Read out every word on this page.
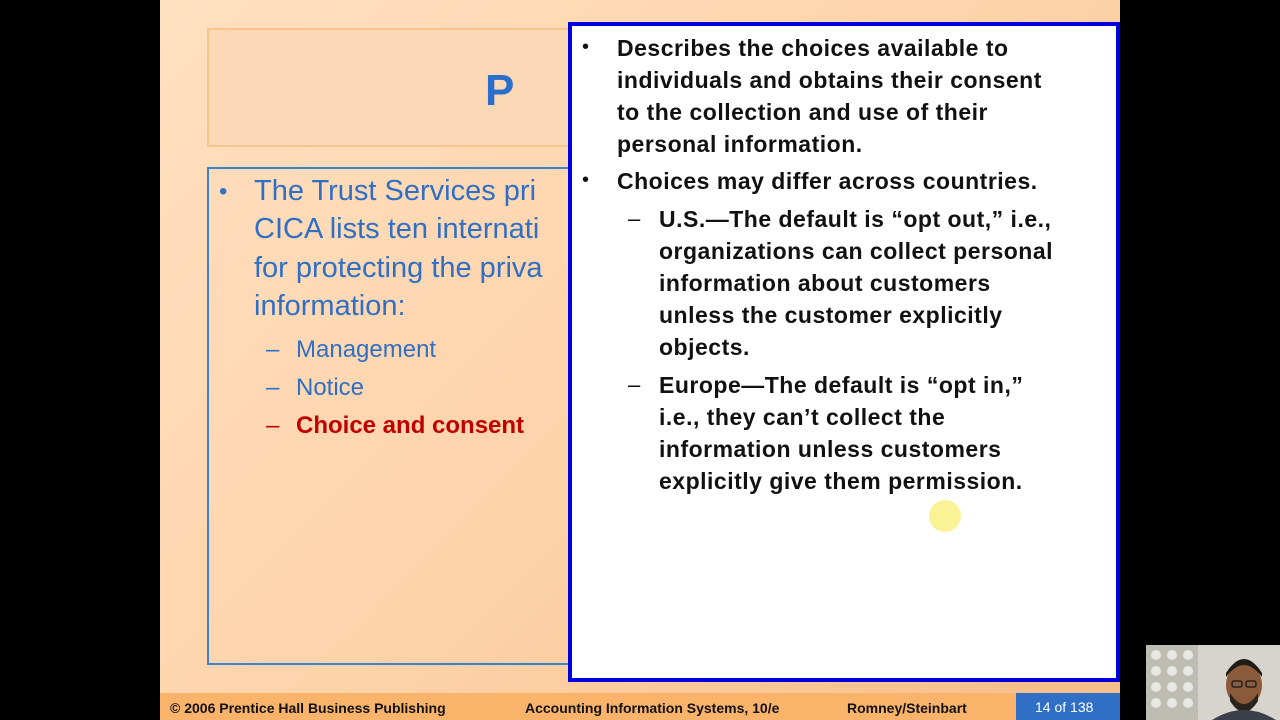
P
• The Trust Services pri
CICA lists ten internati
for protecting the priva
information:
– Management
– Notice
– Choice and consent
© 2006 Prentice Hall Business Publishing	Accounting Information Systems, 10/e	Romney/Steinbart	14 of 138
• Describes the choices available to
individuals and obtains their consent
to the collection and use of their
personal information.
• Choices may differ across countries.
– U.S.—The default is “opt out,” i.e.,
organizations can collect personal
information about customers
unless the customer explicitly
objects.
– Europe—The default is “opt in,”
i.e., they can’t collect the
information unless customers
explicitly give them permission.
